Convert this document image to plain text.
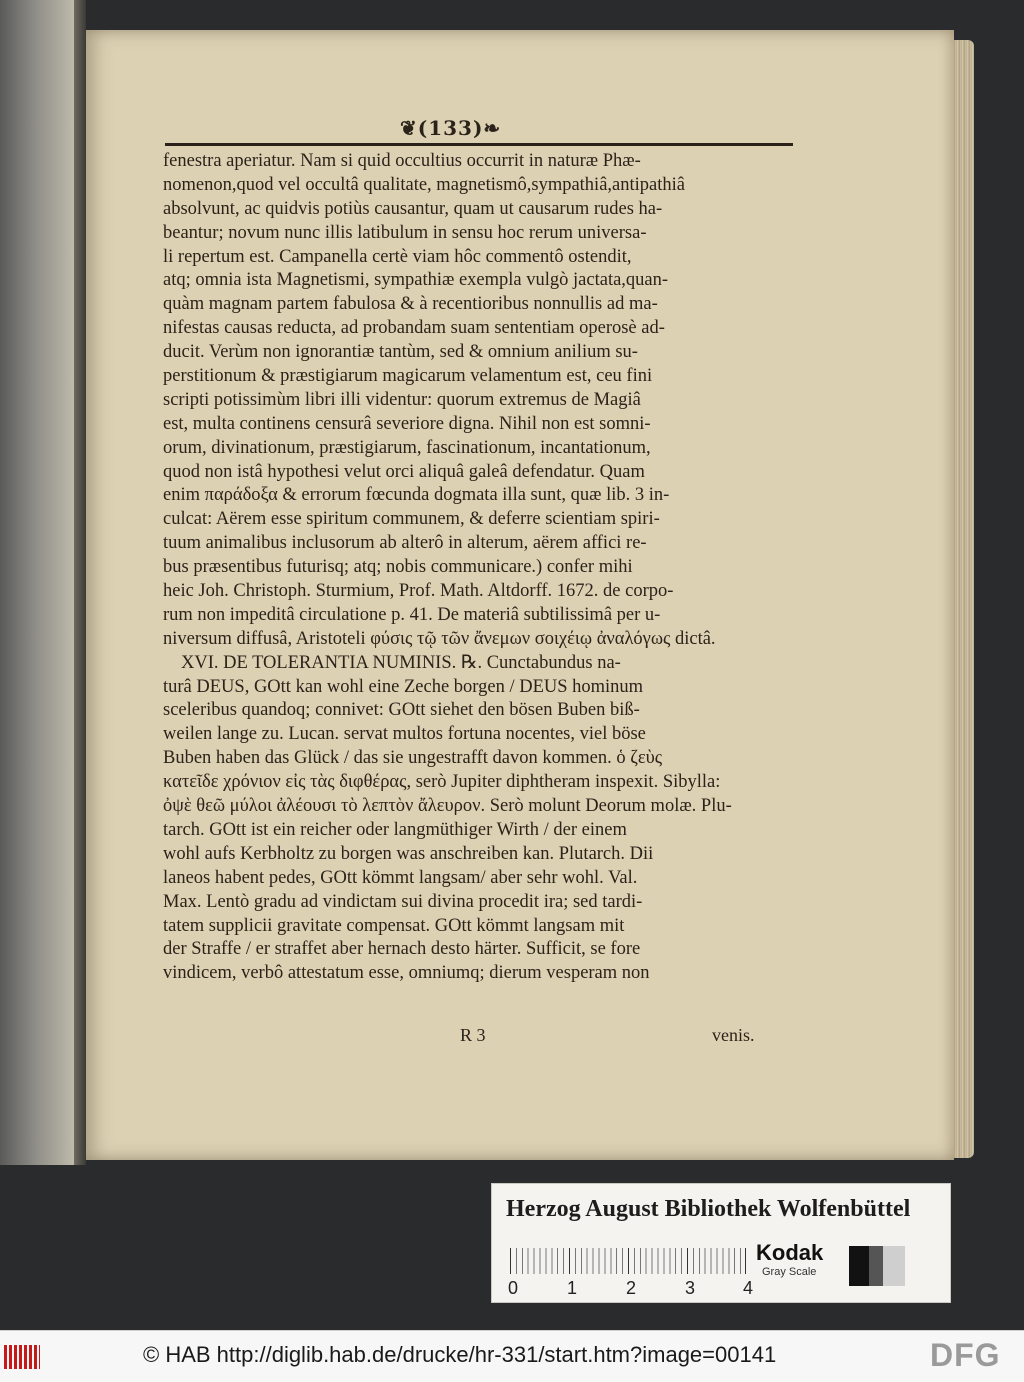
❦(133)❧
fenestra aperiatur. Nam si quid occultius occurrit in naturæ Phæ-
nomenon,quod vel occultâ qualitate, magnetismô,sympathiâ,antipathiâ
absolvunt, ac quidvis potiùs causantur, quam ut causarum rudes ha-
beantur; novum nunc illis latibulum in sensu hoc rerum universa-
li repertum est. Campanella certè viam hôc commentô ostendit,
atq; omnia ista Magnetismi, sympathiæ exempla vulgò jactata,quan-
quàm magnam partem fabulosa & à recentioribus nonnullis ad ma-
nifestas causas reducta, ad probandam suam sententiam operosè ad-
ducit. Verùm non ignorantiæ tantùm, sed & omnium anilium su-
perstitionum & præstigiarum magicarum velamentum est, ceu fini
scripti potissimùm libri illi videntur: quorum extremus de Magiâ
est, multa continens censurâ severiore digna. Nihil non est somni-
orum, divinationum, præstigiarum, fascinationum, incantationum,
quod non istâ hypothesi velut orci aliquâ galeâ defendatur. Quam
enim παράδοξα & errorum fœcunda dogmata illa sunt, quæ lib. 3 in-
culcat: Aërem esse spiritum communem, & deferre scientiam spiri-
tuum animalibus inclusorum ab alterô in alterum, aërem affici re-
bus præsentibus futurisq; atq; nobis communicare.) confer mihi
heic Joh. Christoph. Sturmium, Prof. Math. Altdorff. 1672. de corpo-
rum non impeditâ circulatione p. 41. De materiâ subtilissimâ per u-
niversum diffusâ, Aristoteli φύσις τῷ τῶν ἄνεμων σοιχέιῳ ἀναλόγως dictâ.
XVI. DE TOLERANTIA NUMINIS. ℞. Cunctabundus na-
turâ DEUS, GOtt kan wohl eine Zeche borgen / DEUS hominum
sceleribus quandoq; connivet: GOtt siehet den bösen Buben biß-
weilen lange zu. Lucan. servat multos fortuna nocentes, viel böse
Buben haben das Glück / das sie ungestrafft davon kommen. ὁ ζεὺς
κατεῖδε χρόνιον εἰς τὰς διφθέρας, serò Jupiter diphtheram inspexit. Sibylla:
ὀψὲ θεῶ μύλοι ἀλέουσι τὸ λεπτὸν ἄλευρον. Serò molunt Deorum molæ. Plu-
tarch. GOtt ist ein reicher oder langmüthiger Wirth / der einem
wohl aufs Kerbholtz zu borgen was anschreiben kan. Plutarch. Dii
laneos habent pedes, GOtt kömmt langsam/ aber sehr wohl. Val.
Max. Lentò gradu ad vindictam sui divina procedit ira; sed tardi-
tatem supplicii gravitate compensat. GOtt kömmt langsam mit
der Straffe / er straffet aber hernach desto härter. Sufficit, se fore
vindicem, verbô attestatum esse, omniumq; dierum vesperam non
R 3	venis.
Herzog August Bibliothek Wolfenbüttel
0	1	2	3	4
Kodak
Gray Scale
© HAB http://diglib.hab.de/drucke/hr-331/start.htm?image=00141	DFG
